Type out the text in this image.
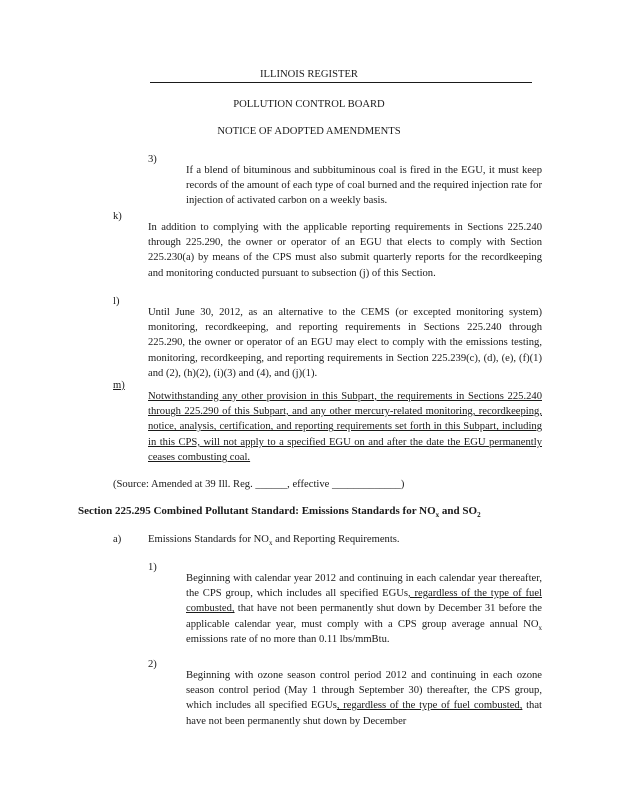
ILLINOIS REGISTER

POLLUTION CONTROL BOARD

NOTICE OF ADOPTED AMENDMENTS

3)

If a blend of bituminous and subbituminous coal is fired in the EGU, it must keep records of the amount of each type of coal burned and the required injection rate for injection of activated carbon on a weekly basis.

k)

In addition to complying with the applicable reporting requirements in Sections 225.240 through 225.290, the owner or operator of an EGU that elects to comply with Section 225.230(a) by means of the CPS must also submit quarterly reports for the recordkeeping and monitoring conducted pursuant to subsection (j) of this Section.

l)

Until June 30, 2012, as an alternative to the CEMS (or excepted monitoring system) monitoring, recordkeeping, and reporting requirements in Sections 225.240 through 225.290, the owner or operator of an EGU may elect to comply with the emissions testing, monitoring, recordkeeping, and reporting requirements in Section 225.239(c), (d), (e), (f)(1) and (2), (h)(2), (i)(3) and (4), and (j)(1).

m)

Notwithstanding any other provision in this Subpart, the requirements in Sections 225.240 through 225.290 of this Subpart, and any other mercury-related monitoring, recordkeeping, notice, analysis, certification, and reporting requirements set forth in this Subpart, including in this CPS, will not apply to a specified EGU on and after the date the EGU permanently ceases combusting coal.

(Source: Amended at 39 Ill. Reg. ______, effective _____________)

Section 225.295 Combined Pollutant Standard: Emissions Standards for $NO_x$ and $SO_2$

a)	Emissions Standards for $NO_x$ and Reporting Requirements.

1)

Beginning with calendar year 2012 and continuing in each calendar year thereafter, the CPS group, which includes all specified EGUs, regardless of the type of fuel combusted, that have not been permanently shut down by December 31 before the applicable calendar year, must comply with a CPS group average annual $NO_x$ emissions rate of no more than 0.11 lbs/mmBtu.

2)

Beginning with ozone season control period 2012 and continuing in each ozone season control period (May 1 through September 30) thereafter, the CPS group, which includes all specified EGUs, regardless of the type of fuel combusted, that have not been permanently shut down by December
